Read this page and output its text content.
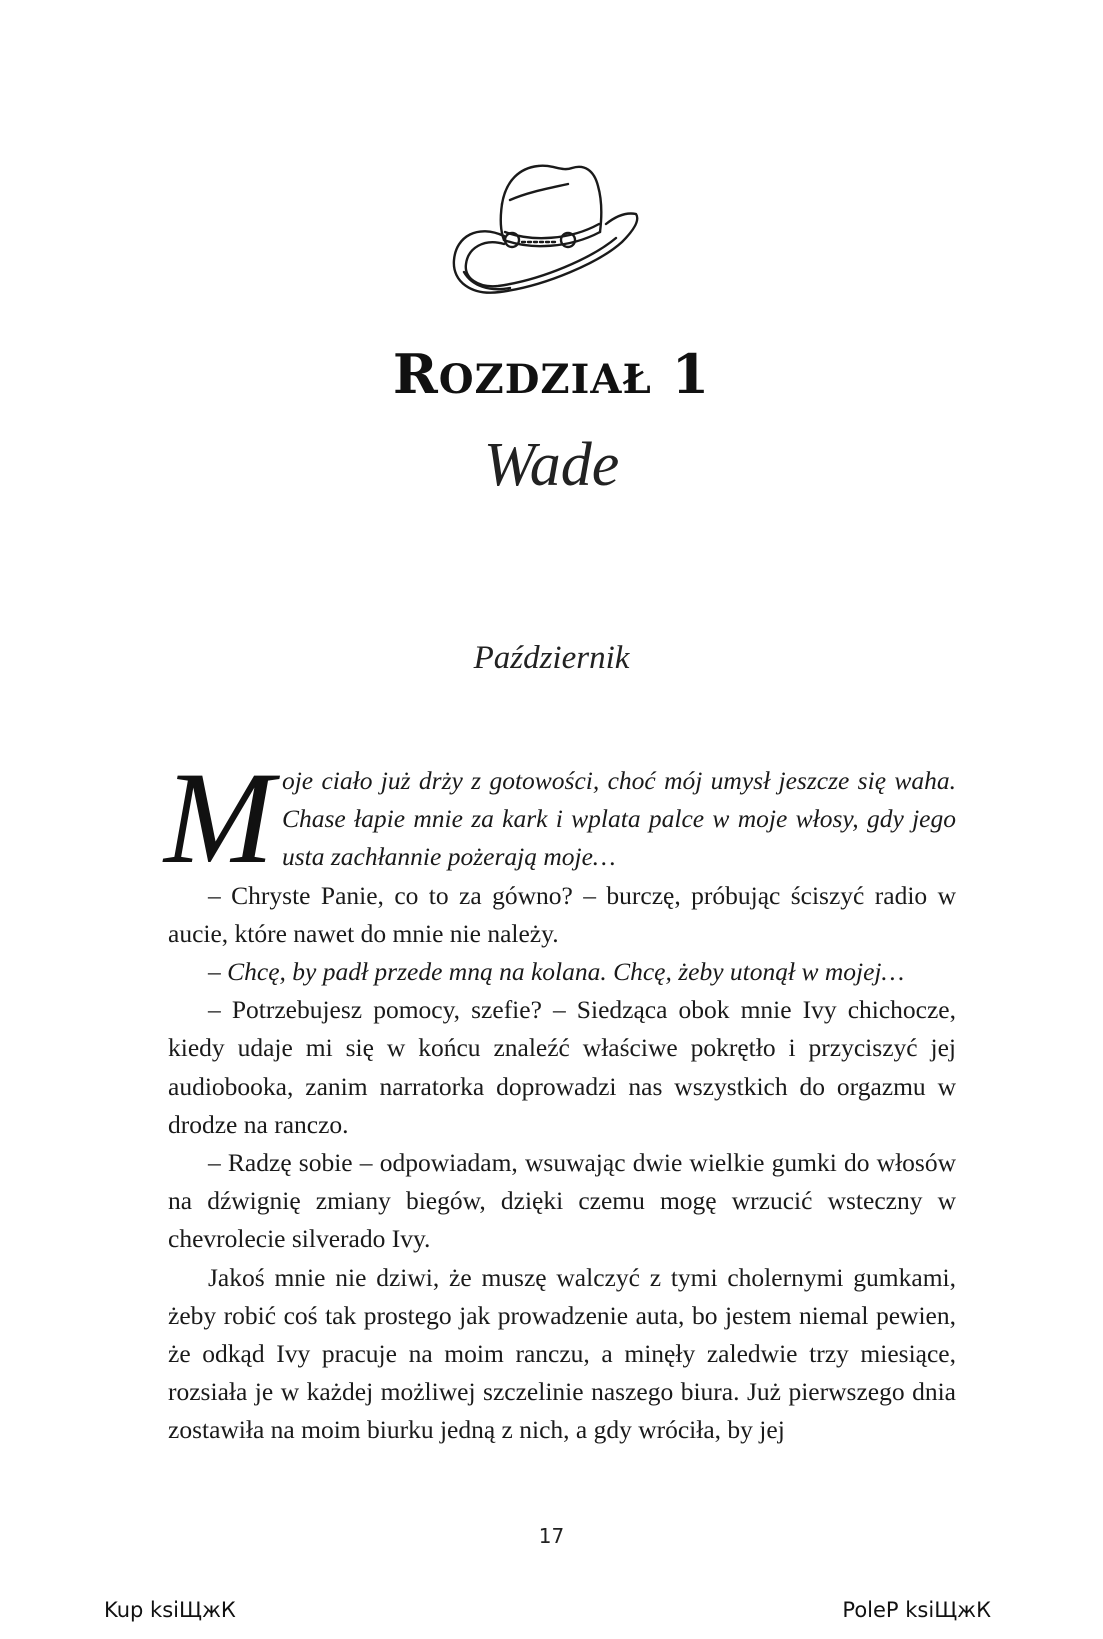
ROZDZIAŁ 1
Wade
Październik

Moje ciało już drży z gotowości, choć mój umysł jeszcze się waha. Chase łapie mnie za kark i wplata palce w moje włosy, gdy jego usta zachłannie pożerają moje…

– Chryste Panie, co to za gówno? – burczę, próbując ściszyć radio w aucie, które nawet do mnie nie należy.

– Chcę, by padł przede mną na kolana. Chcę, żeby utonął w mojej…

– Potrzebujesz pomocy, szefie? – Siedząca obok mnie Ivy chichocze, kiedy udaje mi się w końcu znaleźć właściwe pokrętło i przyciszyć jej audiobooka, zanim narratorka doprowadzi nas wszystkich do orgazmu w drodze na ranczo.

– Radzę sobie – odpowiadam, wsuwając dwie wielkie gumki do włosów na dźwignię zmiany biegów, dzięki czemu mogę wrzucić wsteczny w chevrolecie silverado Ivy.

Jakoś mnie nie dziwi, że muszę walczyć z tymi cholernymi gumkami, żeby robić coś tak prostego jak prowadzenie auta, bo jestem niemal pewien, że odkąd Ivy pracuje na moim ranczu, a minęły zaledwie trzy miesiące, rozsiała je w każdej możliwej szczelinie naszego biura. Już pierwszego dnia zostawiła na moim biurku jedną z nich, a gdy wróciła, by jej

17
Kup ksiЩжК	PoleP ksiЩжК
